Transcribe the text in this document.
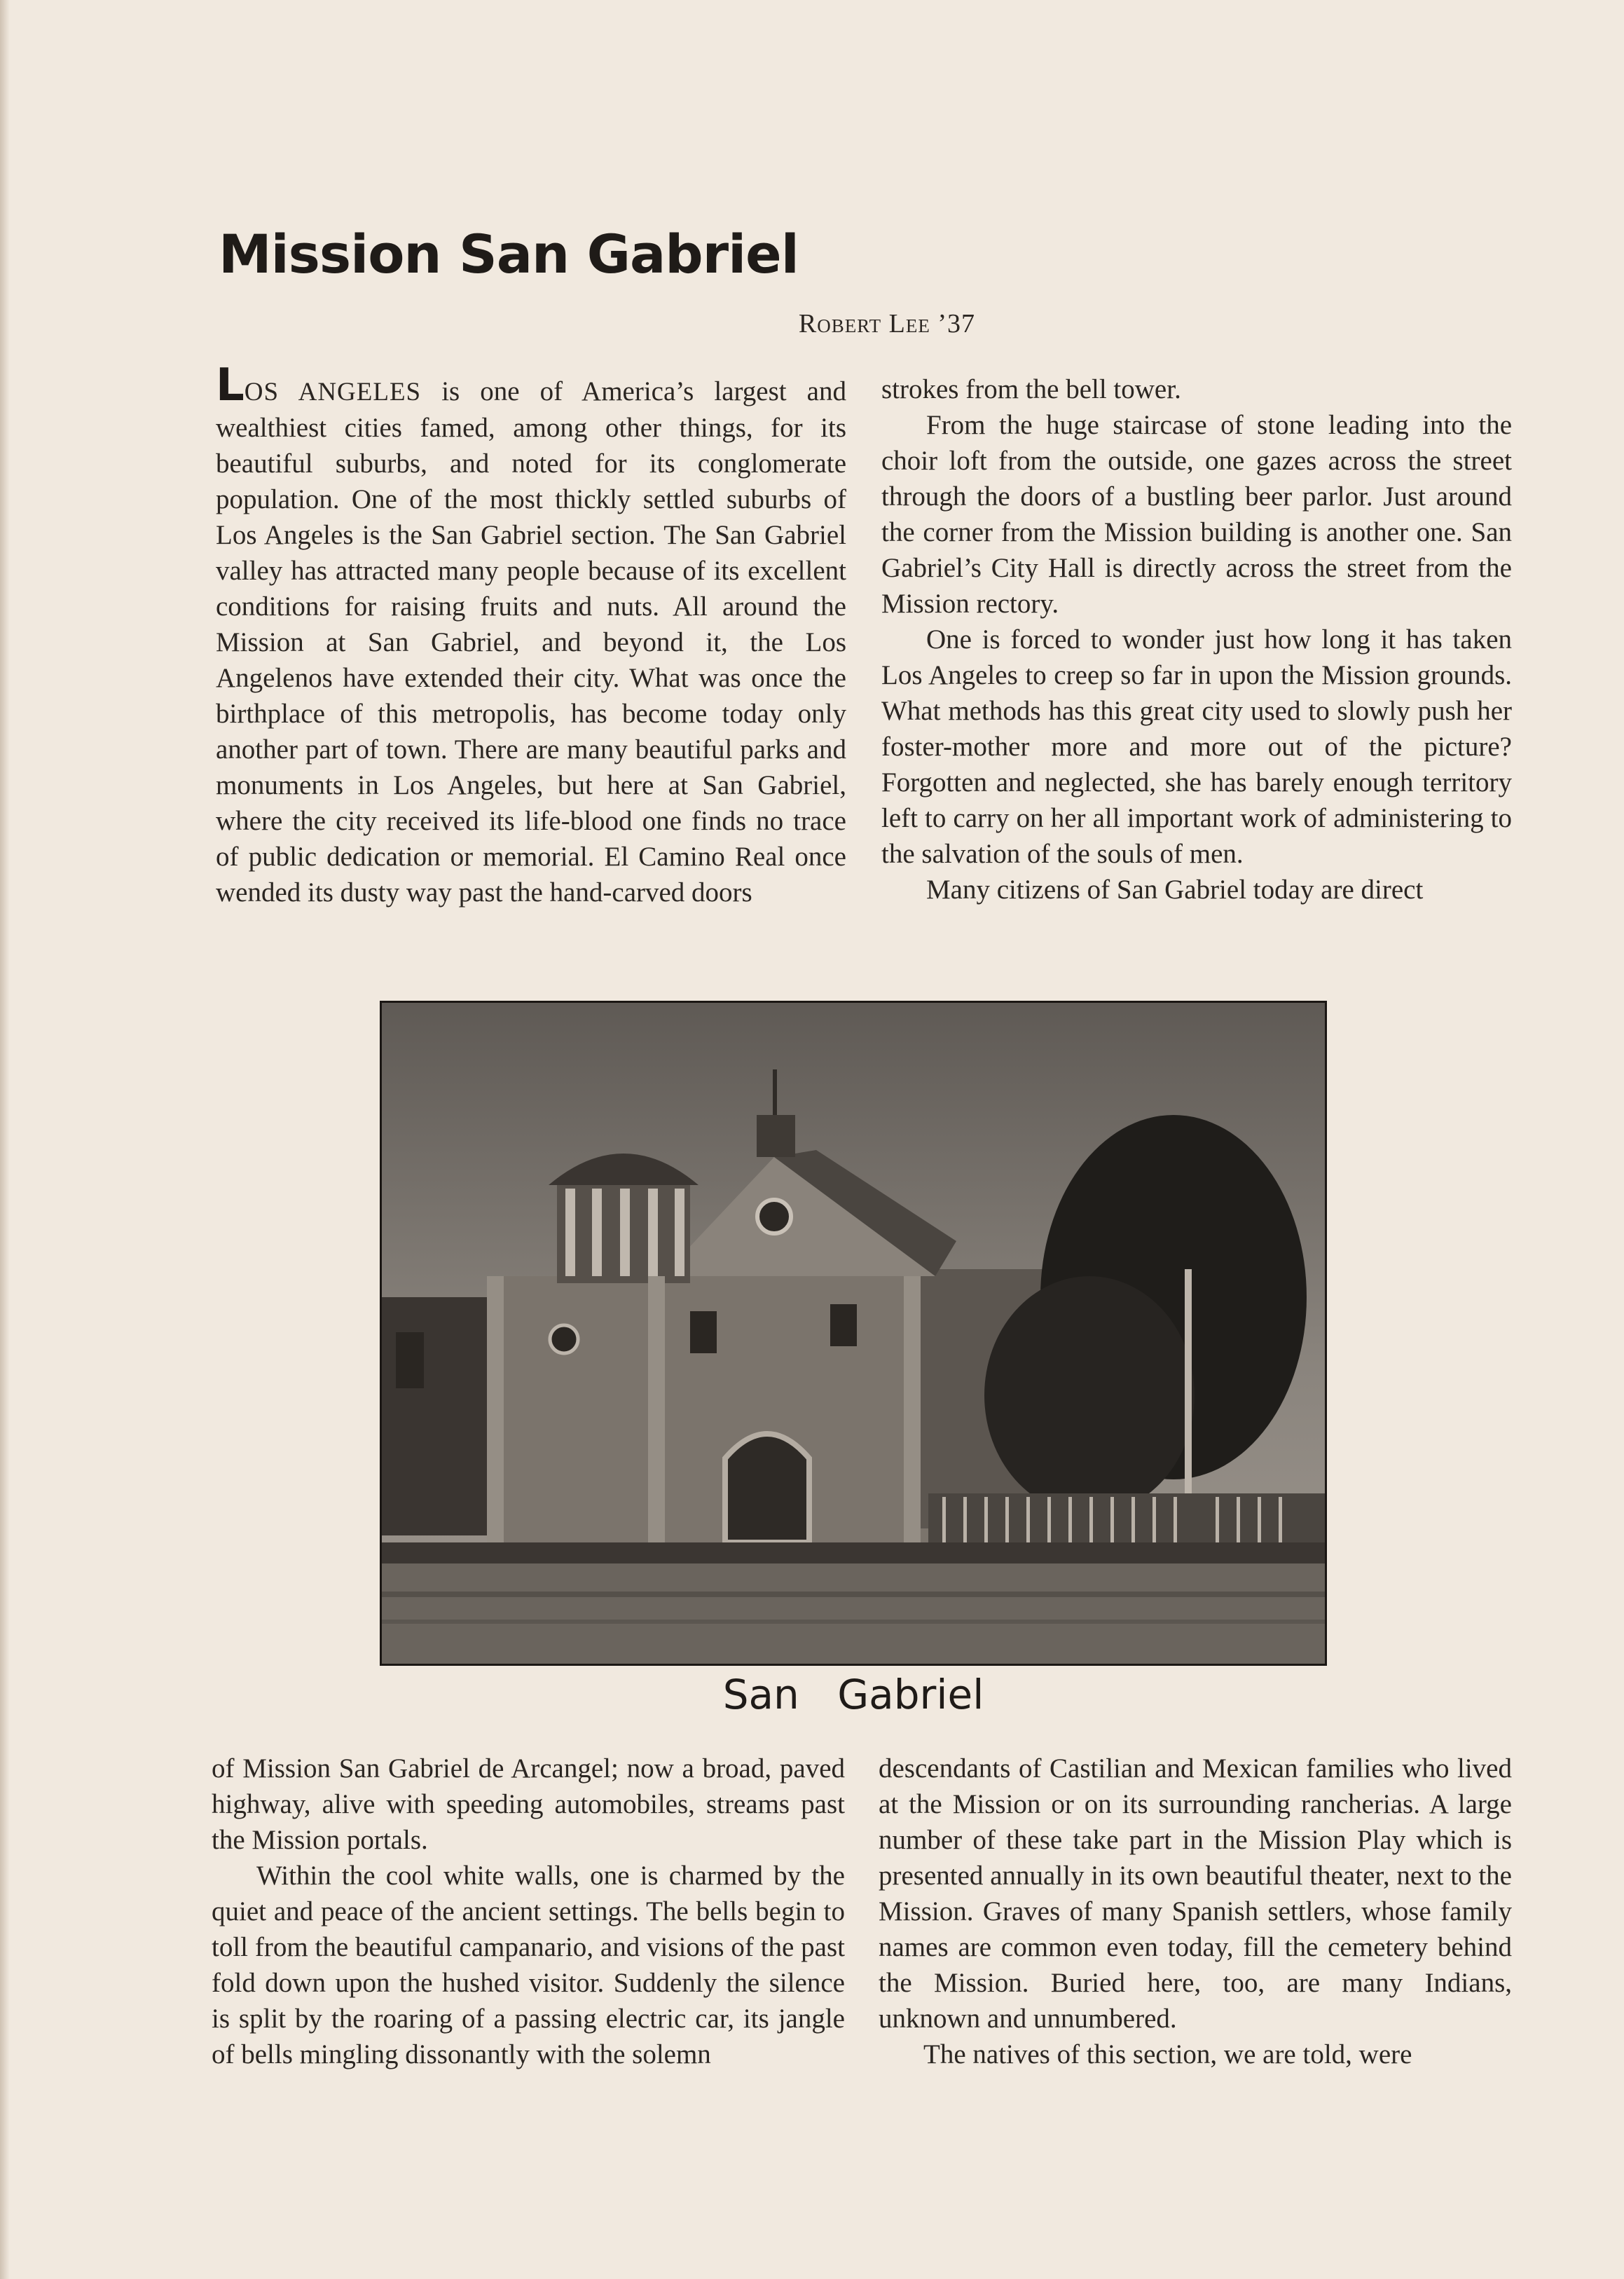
Mission San Gabriel
Robert Lee ’37

LOS ANGELES is one of America’s largest and wealthiest cities famed, among other things, for its beautiful suburbs, and noted for its conglomerate population. One of the most thickly settled suburbs of Los Angeles is the San Gabriel section. The San Gabriel valley has attracted many people because of its excellent conditions for raising fruits and nuts. All around the Mission at San Gabriel, and beyond it, the Los Angelenos have extended their city. What was once the birthplace of this metropolis, has become today only another part of town. There are many beautiful parks and monuments in Los Angeles, but here at San Gabriel, where the city received its life-blood one finds no trace of public dedication or memorial. El Camino Real once wended its dusty way past the hand-carved doors

strokes from the bell tower.

From the huge staircase of stone leading into the choir loft from the outside, one gazes across the street through the doors of a bustling beer parlor. Just around the corner from the Mission building is another one. San Gabriel’s City Hall is directly across the street from the Mission rectory.

One is forced to wonder just how long it has taken Los Angeles to creep so far in upon the Mission grounds. What methods has this great city used to slowly push her foster-mother more and more out of the picture? Forgotten and neglected, she has barely enough territory left to carry on her all important work of administering to the salvation of the souls of men.

Many citizens of San Gabriel today are direct

San Gabriel

of Mission San Gabriel de Arcangel; now a broad, paved highway, alive with speeding automobiles, streams past the Mission portals.

Within the cool white walls, one is charmed by the quiet and peace of the ancient settings. The bells begin to toll from the beautiful campanario, and visions of the past fold down upon the hushed visitor. Suddenly the silence is split by the roaring of a passing electric car, its jangle of bells mingling dissonantly with the solemn

descendants of Castilian and Mexican families who lived at the Mission or on its surrounding rancherias. A large number of these take part in the Mission Play which is presented annually in its own beautiful theater, next to the Mission. Graves of many Spanish settlers, whose family names are common even today, fill the cemetery behind the Mission. Buried here, too, are many Indians, unknown and unnumbered.

The natives of this section, we are told, were
